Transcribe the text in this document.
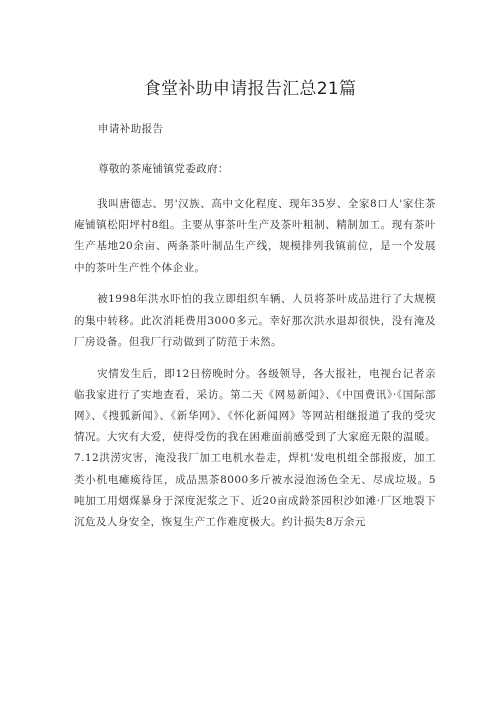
食堂补助申请报告汇总21篇
申请补助报告
尊敬的茶庵铺镇党委政府：

我叫唐德志、男'汉族、高中文化程度、现年35岁、全家8口人'家住茶庵铺镇松阳坪村8组。主要从事茶叶生产及茶叶粗制、精制加工。现有茶叶生产基地20余亩、两条茶叶制品生产线，规模排列我镇前位，是一个发展中的茶叶生产性个体企业。

被1998年洪水吓怕的我立即组织车辆、人员将茶叶成品进行了大规模的集中转移。此次消耗费用3000多元。幸好那次洪水退却很快，没有淹及厂房设备。但我厂行动做到了防范于未然。

灾情发生后，即12日傍晚时分。各级领导，各大报社，电视台记者亲临我家进行了实地查看，采访。第二天《网易新闻》、《中国费讯》·《国际部网》、《搜狐新闻》、《新华网》、《怀化新闻网》等网站相继报道了我的受灾情况。大灾有大爱，使得受伤的我在困难面前感受到了大家庭无限的温暖。7.12洪涝灾害，淹没我厂加工电机水卷走，焊机'发电机组全部报废，加工类小机电瘫痪待匡，成品黑茶8000多斤被水浸泡汤色全无、尽成垃圾。5吨加工用烟煤暴身于深度泥浆之下、近20亩成龄茶园积沙如滩·厂区地裂下沉危及人身安全，恢复生产工作难度极大。约计损失8万余元
